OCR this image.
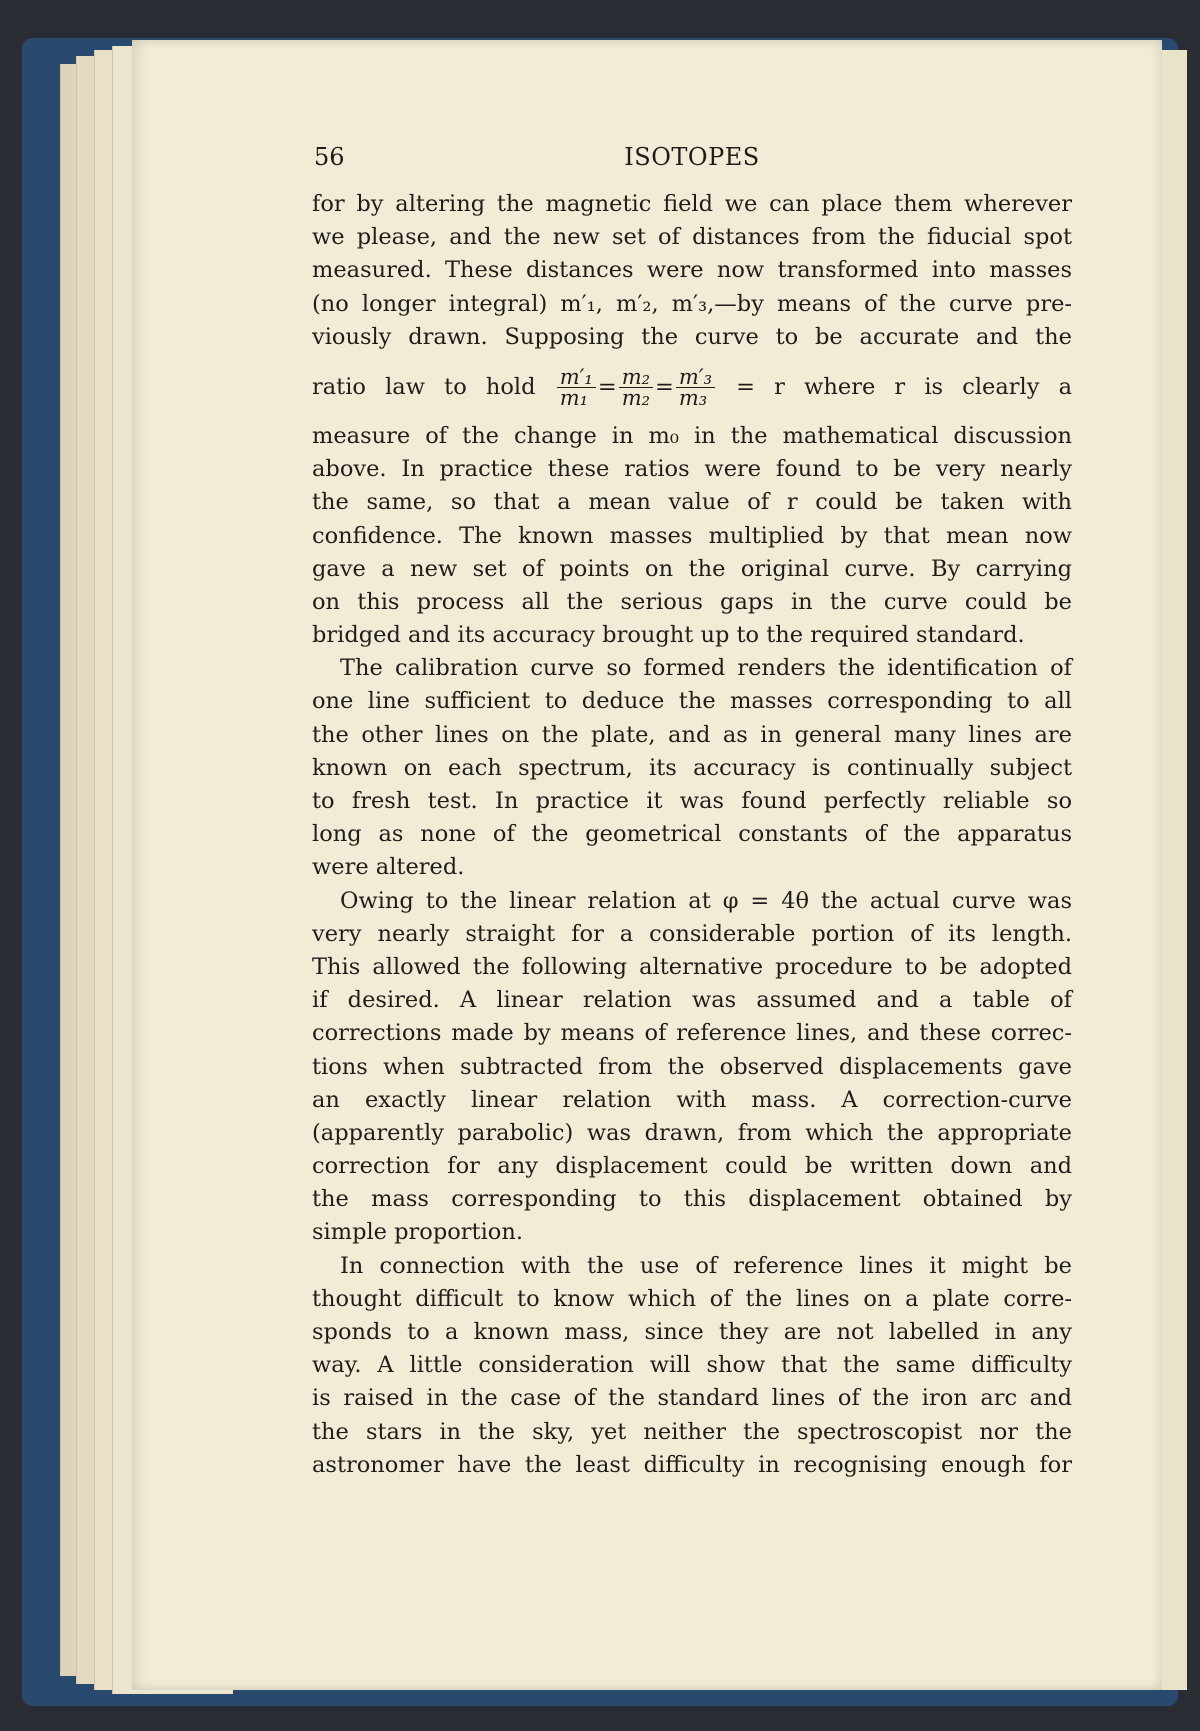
56	ISOTOPES
for by altering the magnetic field we can place them wherever
we please, and the new set of distances from the fiducial spot
measured. These distances were now transformed into masses
(no longer integral) m′₁, m′₂, m′₃,—by means of the curve pre-
viously drawn. Supposing the curve to be accurate and the
ratio law to hold $\frac{\text{m′₁}}{\text{m₁}} = \frac{\text{m₂}}{\text{m₂}} = \frac{\text{m′₃}}{\text{m₃}} = r$ where r is clearly a
measure of the change in m₀ in the mathematical discussion
above. In practice these ratios were found to be very nearly
the same, so that a mean value of r could be taken with
confidence. The known masses multiplied by that mean now
gave a new set of points on the original curve. By carrying
on this process all the serious gaps in the curve could be
bridged and its accuracy brought up to the required standard.
The calibration curve so formed renders the identification of
one line sufficient to deduce the masses corresponding to all
the other lines on the plate, and as in general many lines are
known on each spectrum, its accuracy is continually subject
to fresh test. In practice it was found perfectly reliable so
long as none of the geometrical constants of the apparatus
were altered.
Owing to the linear relation at φ = 4θ the actual curve was
very nearly straight for a considerable portion of its length.
This allowed the following alternative procedure to be adopted
if desired. A linear relation was assumed and a table of
corrections made by means of reference lines, and these correc-
tions when subtracted from the observed displacements gave
an exactly linear relation with mass. A correction-curve
(apparently parabolic) was drawn, from which the appropriate
correction for any displacement could be written down and
the mass corresponding to this displacement obtained by
simple proportion.
In connection with the use of reference lines it might be
thought difficult to know which of the lines on a plate corre-
sponds to a known mass, since they are not labelled in any
way. A little consideration will show that the same difficulty
is raised in the case of the standard lines of the iron arc and
the stars in the sky, yet neither the spectroscopist nor the
astronomer have the least difficulty in recognising enough for
